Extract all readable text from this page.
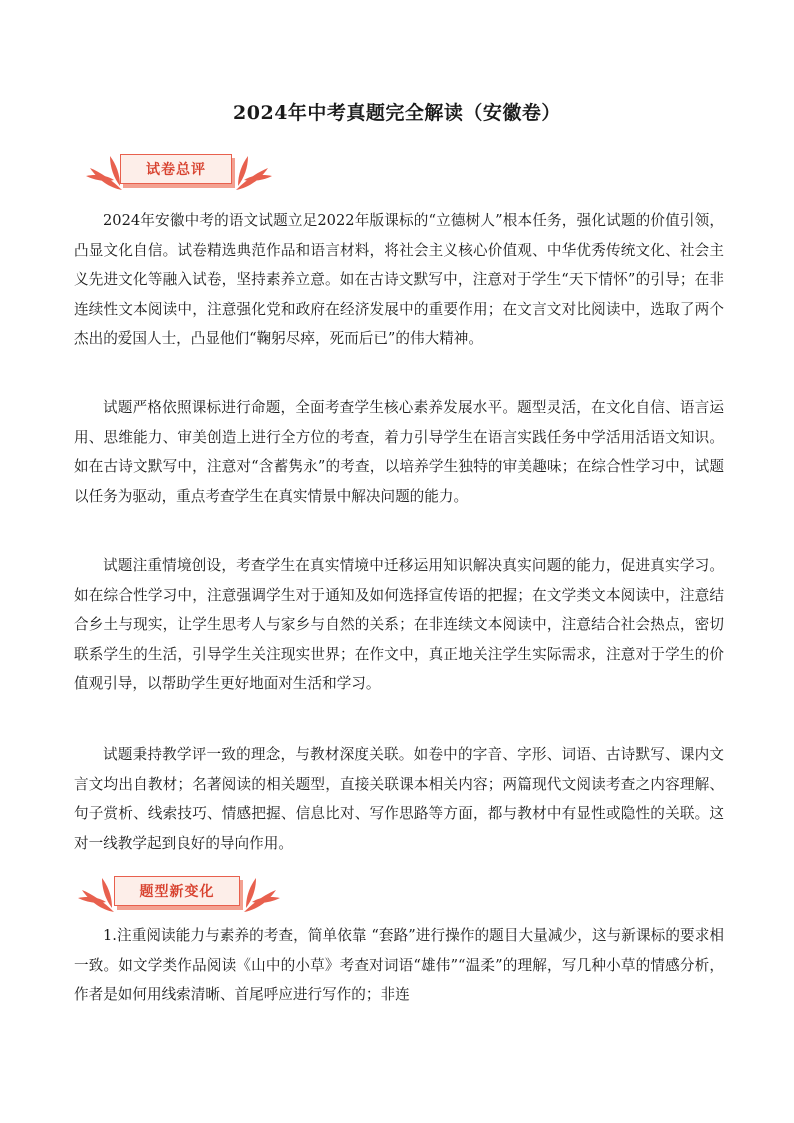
2024年中考真题完全解读（安徽卷）
试卷总评

2024年安徽中考的语文试题立足2022年版课标的“立德树人”根本任务，强化试题的价值引领，凸显文化自信。试卷精选典范作品和语言材料，将社会主义核心价值观、中华优秀传统文化、社会主义先进文化等融入试卷，坚持素养立意。如在古诗文默写中，注意对于学生“天下情怀”的引导；在非连续性文本阅读中，注意强化党和政府在经济发展中的重要作用；在文言文对比阅读中，选取了两个杰出的爱国人士，凸显他们“鞠躬尽瘁，死而后已”的伟大精神。

试题严格依照课标进行命题，全面考查学生核心素养发展水平。题型灵活，在文化自信、语言运用、思维能力、审美创造上进行全方位的考查，着力引导学生在语言实践任务中学活用活语文知识。如在古诗文默写中，注意对“含蓄隽永”的考查，以培养学生独特的审美趣味；在综合性学习中，试题以任务为驱动，重点考查学生在真实情景中解决问题的能力。

试题注重情境创设，考查学生在真实情境中迁移运用知识解决真实问题的能力，促进真实学习。如在综合性学习中，注意强调学生对于通知及如何选择宣传语的把握；在文学类文本阅读中，注意结合乡土与现实，让学生思考人与家乡与自然的关系；在非连续文本阅读中，注意结合社会热点，密切联系学生的生活，引导学生关注现实世界；在作文中，真正地关注学生实际需求，注意对于学生的价值观引导，以帮助学生更好地面对生活和学习。

试题秉持教学评一致的理念，与教材深度关联。如卷中的字音、字形、词语、古诗默写、课内文言文均出自教材；名著阅读的相关题型，直接关联课本相关内容；两篇现代文阅读考查之内容理解、句子赏析、线索技巧、情感把握、信息比对、写作思路等方面，都与教材中有显性或隐性的关联。这对一线教学起到良好的导向作用。

题型新变化

1.注重阅读能力与素养的考查，简单依靠 “套路”进行操作的题目大量减少，这与新课标的要求相一致。如文学类作品阅读《山中的小草》考查对词语“雄伟”“温柔”的理解，写几种小草的情感分析，作者是如何用线索清晰、首尾呼应进行写作的；非连
